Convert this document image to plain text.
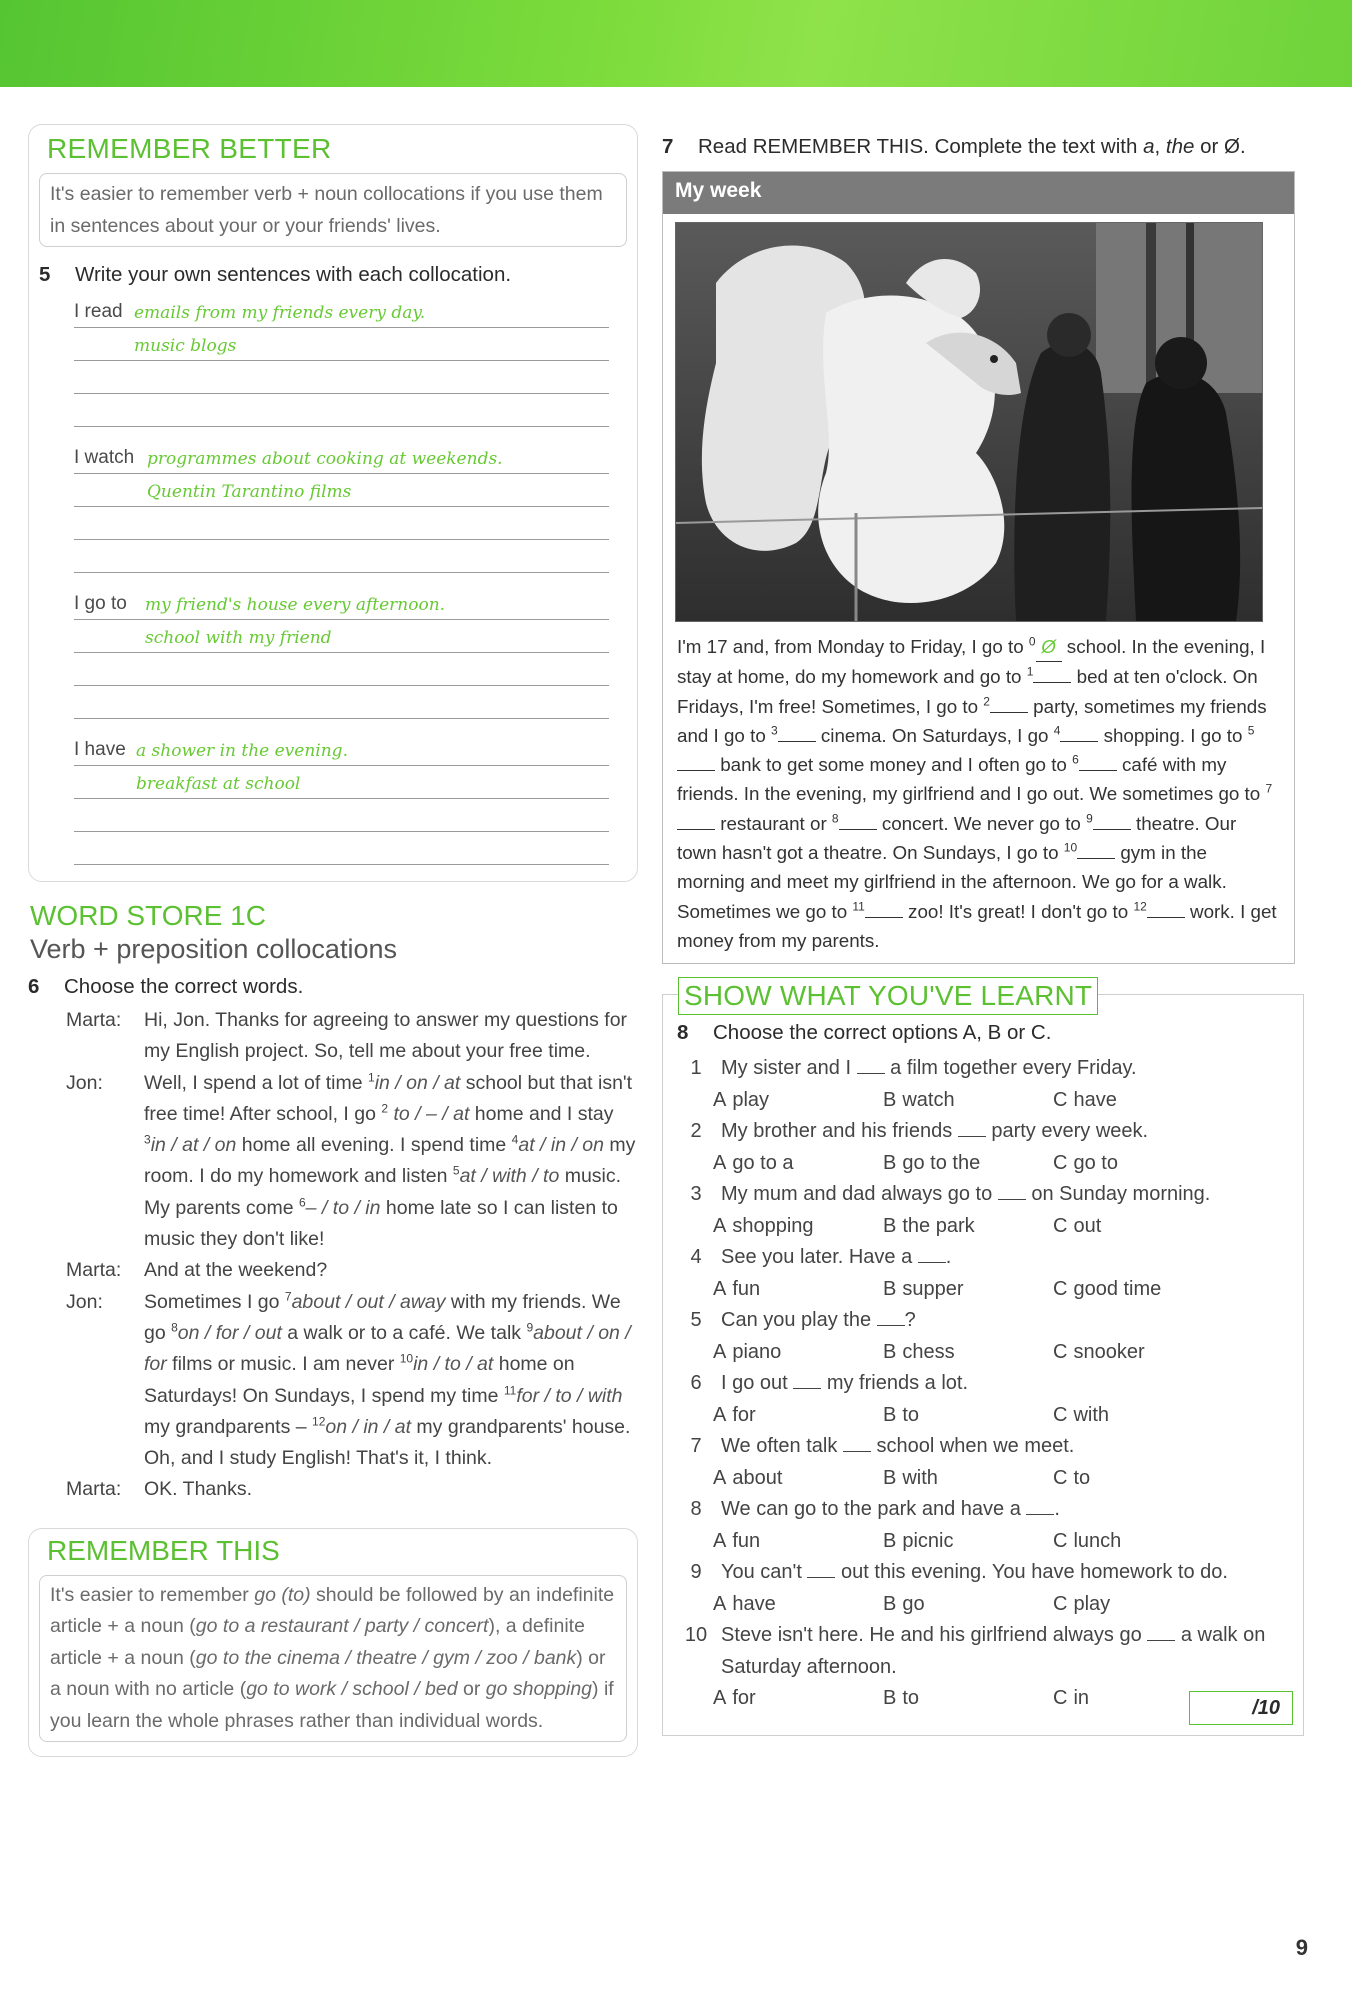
REMEMBER BETTER
It's easier to remember verb + noun collocations if you use them in sentences about your or your friends' lives.
5 Write your own sentences with each collocation.
I read emails from my friends every day.
music blogs
I watch programmes about cooking at weekends.
Quentin Tarantino films
I go to my friend's house every afternoon.
school with my friend
I have a shower in the evening.
breakfast at school
WORD STORE 1C
Verb + preposition collocations
6 Choose the correct words.
Marta:	Hi, Jon. Thanks for agreeing to answer my questions for my English project. So, tell me about your free time.
Jon:	Well, I spend a lot of time $^1$in / on / at school but that isn't free time! After school, I go $^2$ to / – / at home and I stay $^3$in / at / on home all evening. I spend time $^4$at / in / on my room. I do my homework and listen $^5$at / with / to music. My parents come $^6$– / to / in home late so I can listen to music they don't like!
Marta:	And at the weekend?
Jon:	Sometimes I go $^7$about / out / away with my friends. We go $^8$on / for / out a walk or to a café. We talk $^9$about / on / for films or music. I am never $^{10}$in / to / at home on Saturdays! On Sundays, I spend my time $^{11}$for / to / with my grandparents – $^{12}$on / in / at my grandparents' house. Oh, and I study English! That's it, I think.
Marta:	OK. Thanks.
REMEMBER THIS
It's easier to remember go (to) should be followed by an indefinite article + a noun (go to a restaurant / party / concert), a definite article + a noun (go to the cinema / theatre / gym / zoo / bank) or a noun with no article (go to work / school / bed or go shopping) if you learn the whole phrases rather than individual words.
7	Read REMEMBER THIS. Complete the text with a, the or Ø.
My week
I'm 17 and, from Monday to Friday, I go to $^0$ Ø school. In the evening, I stay at home, do my homework and go to $^1$ bed at ten o'clock. On Fridays, I'm free! Sometimes, I go to $^2$ party, sometimes my friends and I go to $^3$ cinema. On Saturdays, I go $^4$ shopping. I go to $^5$ bank to get some money and I often go to $^6$ café with my friends. In the evening, my girlfriend and I go out. We sometimes go to $^7$ restaurant or $^8$ concert. We never go to $^9$ theatre. Our town hasn't got a theatre. On Sundays, I go to $^{10}$ gym in the morning and meet my girlfriend in the afternoon. We go for a walk. Sometimes we go to $^{11}$ zoo! It's great! I don't go to $^{12}$ work. I get money from my parents.
SHOW WHAT YOU'VE LEARNT
8 Choose the correct options A, B or C.
1 My sister and I  a film together every Friday.
A play	B watch	C have
2 My brother and his friends  party every week.
A go to a	B go to the	C go to
3 My mum and dad always go to  on Sunday morning.
A shopping	B the park	C out
4 See you later. Have a .
A fun	B supper	C good time
5 Can you play the ?
A piano	B chess	C snooker
6 I go out  my friends a lot.
A for	B to	C with
7 We often talk  school when we meet.
A about	B with	C to
8 We can go to the park and have a .
A fun	B picnic	C lunch
9 You can't  out this evening. You have homework to do.
A have	B go	C play
10 Steve isn't here. He and his girlfriend always go  a walk on Saturday afternoon.
A for	B to	C in	/10
9
